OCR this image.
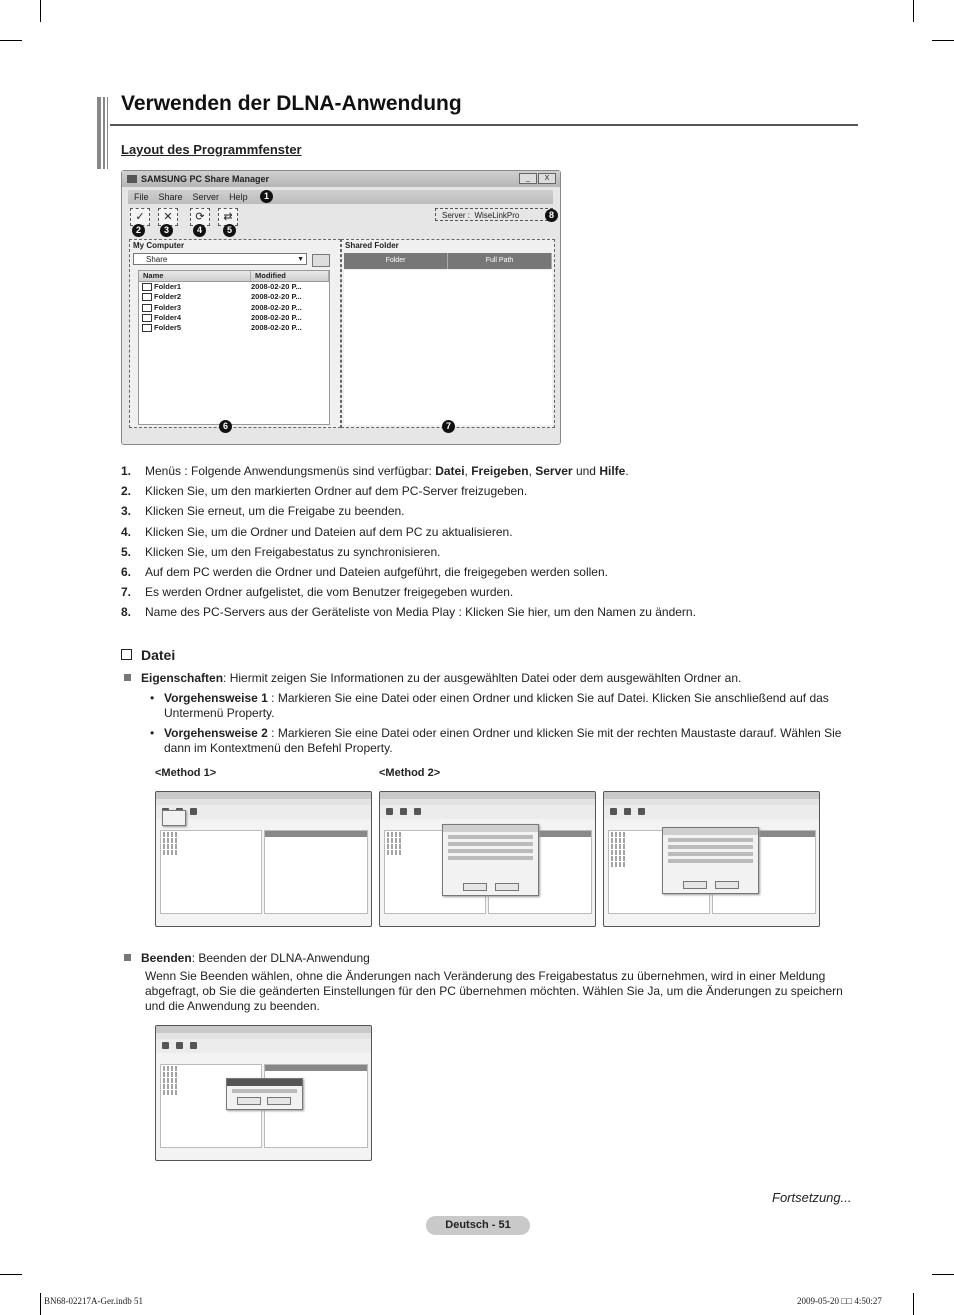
Verwenden der DLNA-Anwendung
Layout des Programmfenster
SAMSUNG PC Share Manager	_	X
File Share Server Help	1
✓	✕	⟳	⇄
2	3	4	5
Server : WiseLinkPro	8
My Computer
Share	▼
Name	Modified
Folder1	2008-02-20 P...
Folder2	2008-02-20 P...
Folder3	2008-02-20 P...
Folder4	2008-02-20 P...
Folder5	2008-02-20 P...
6
Shared Folder
Folder	Full Path
7
1. Menüs : Folgende Anwendungsmenüs sind verfügbar: Datei, Freigeben, Server und Hilfe.
2. Klicken Sie, um den markierten Ordner auf dem PC-Server freizugeben.
3. Klicken Sie erneut, um die Freigabe zu beenden.
4. Klicken Sie, um die Ordner und Dateien auf dem PC zu aktualisieren.
5. Klicken Sie, um den Freigabestatus zu synchronisieren.
6. Auf dem PC werden die Ordner und Dateien aufgeführt, die freigegeben werden sollen.
7. Es werden Ordner aufgelistet, die vom Benutzer freigegeben wurden.
8. Name des PC-Servers aus der Geräteliste von Media Play : Klicken Sie hier, um den Namen zu ändern.
Datei
Eigenschaften: Hiermit zeigen Sie Informationen zu der ausgewählten Datei oder dem ausgewählten Ordner an.
• Vorgehensweise 1 : Markieren Sie eine Datei oder einen Ordner und klicken Sie auf Datei. Klicken Sie anschließend auf das
Untermenü Property.
• Vorgehensweise 2 : Markieren Sie eine Datei oder einen Ordner und klicken Sie mit der rechten Maustaste darauf. Wählen Sie
dann im Kontextmenü den Befehl Property.
<Method 1>	<Method 2>
Beenden: Beenden der DLNA-Anwendung
Wenn Sie Beenden wählen, ohne die Änderungen nach Veränderung des Freigabestatus zu übernehmen, wird in einer Meldung
abgefragt, ob Sie die geänderten Einstellungen für den PC übernehmen möchten. Wählen Sie Ja, um die Änderungen zu speichern
und die Anwendung zu beenden.
Fortsetzung...
Deutsch - 51
BN68-02217A-Ger.indb 51	2009-05-20 □□ 4:50:27
